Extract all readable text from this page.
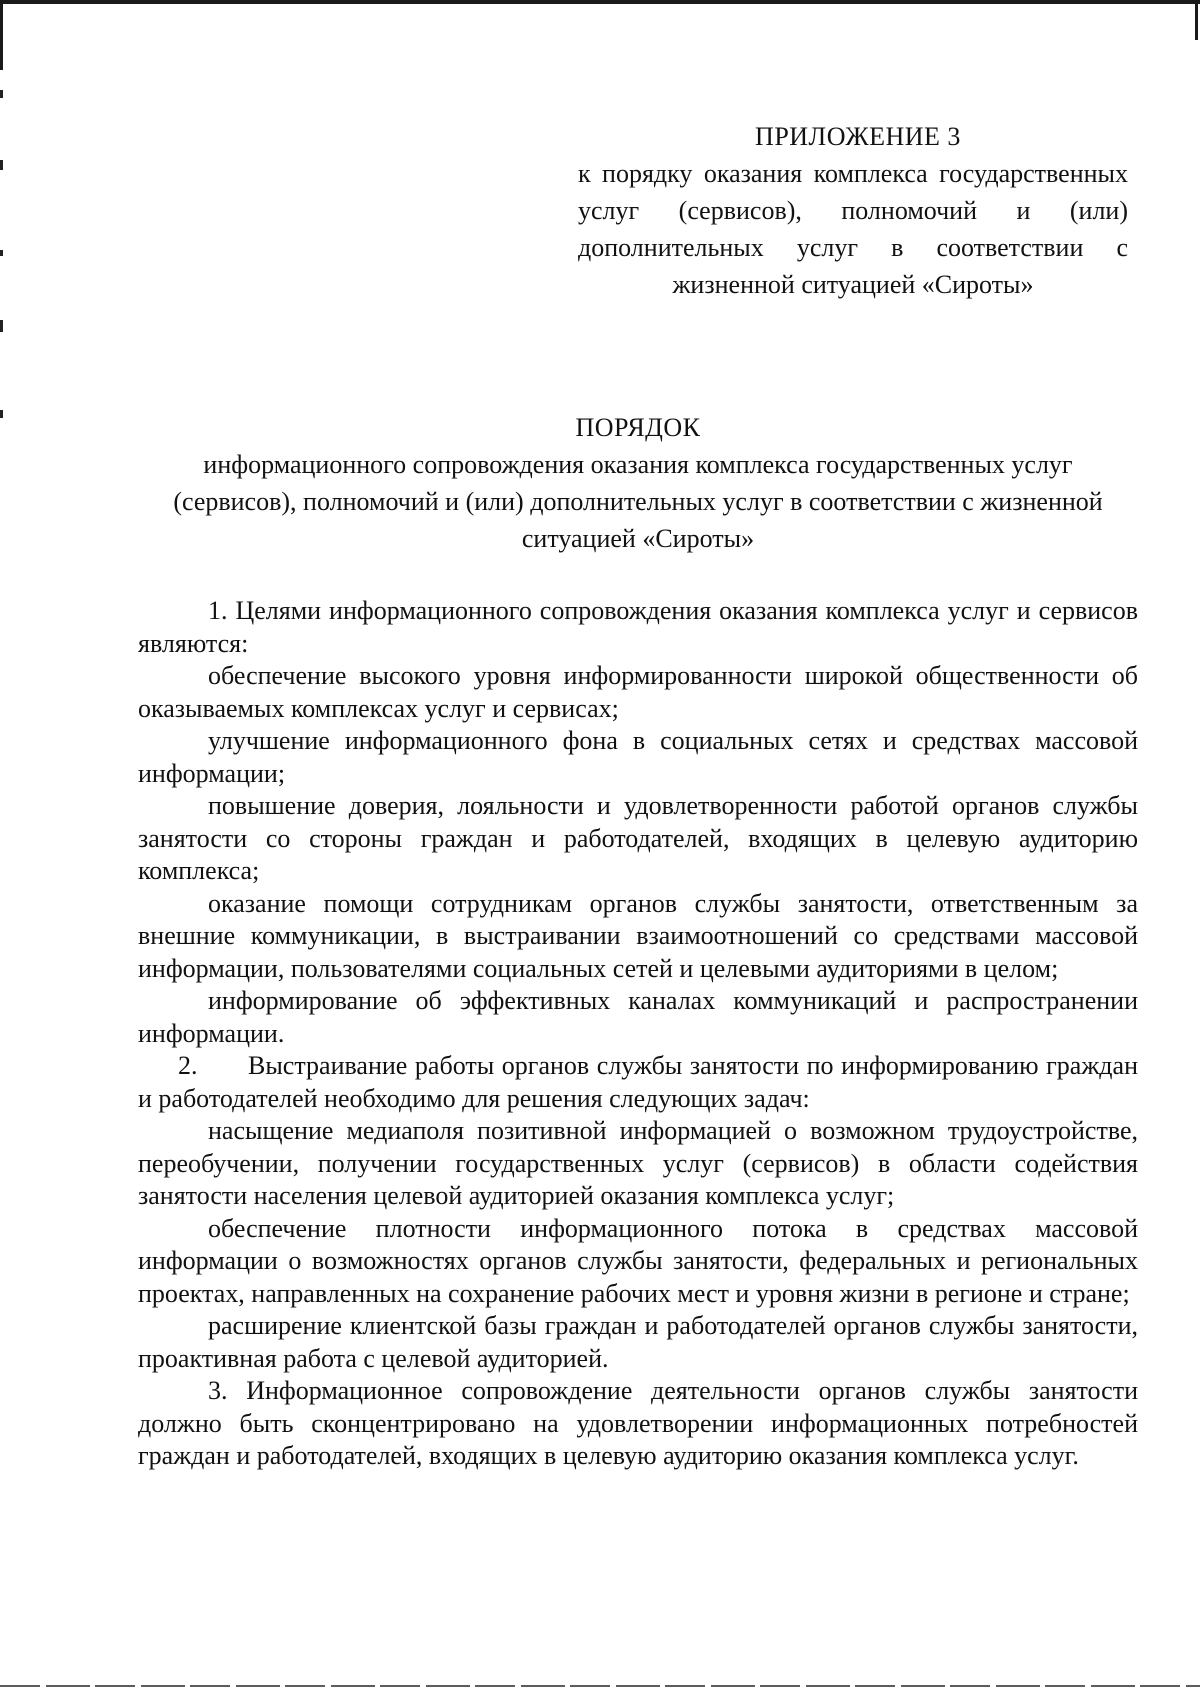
ПРИЛОЖЕНИЕ 3
к порядку оказания комплекса государственных услуг (сервисов), полномочий и (или) дополнительных услуг в соответствии с жизненной ситуацией «Сироты»
ПОРЯДОК
информационного сопровождения оказания комплекса государственных услуг (сервисов), полномочий и (или) дополнительных услуг в соответствии с жизненной ситуацией «Сироты»

1. Целями информационного сопровождения оказания комплекса услуг и сервисов являются:

обеспечение высокого уровня информированности широкой общественности об оказываемых комплексах услуг и сервисах;

улучшение информационного фона в социальных сетях и средствах массовой информации;

повышение доверия, лояльности и удовлетворенности работой органов службы занятости со стороны граждан и работодателей, входящих в целевую аудиторию комплекса;

оказание помощи сотрудникам органов службы занятости, ответственным за внешние коммуникации, в выстраивании взаимоотношений со средствами массовой информации, пользователями социальных сетей и целевыми аудиториями в целом;

информирование об эффективных каналах коммуникаций и распространении информации.

2. Выстраивание работы органов службы занятости по информированию граждан и работодателей необходимо для решения следующих задач:

насыщение медиаполя позитивной информацией о возможном трудоустройстве, переобучении, получении государственных услуг (сервисов) в области содействия занятости населения целевой аудиторией оказания комплекса услуг;

обеспечение плотности информационного потока в средствах массовой информации о возможностях органов службы занятости, федеральных и региональных проектах, направленных на сохранение рабочих мест и уровня жизни в регионе и стране;

расширение клиентской базы граждан и работодателей органов службы занятости, проактивная работа с целевой аудиторией.

3. Информационное сопровождение деятельности органов службы занятости должно быть сконцентрировано на удовлетворении информационных потребностей граждан и работодателей, входящих в целевую аудиторию оказания комплекса услуг.
